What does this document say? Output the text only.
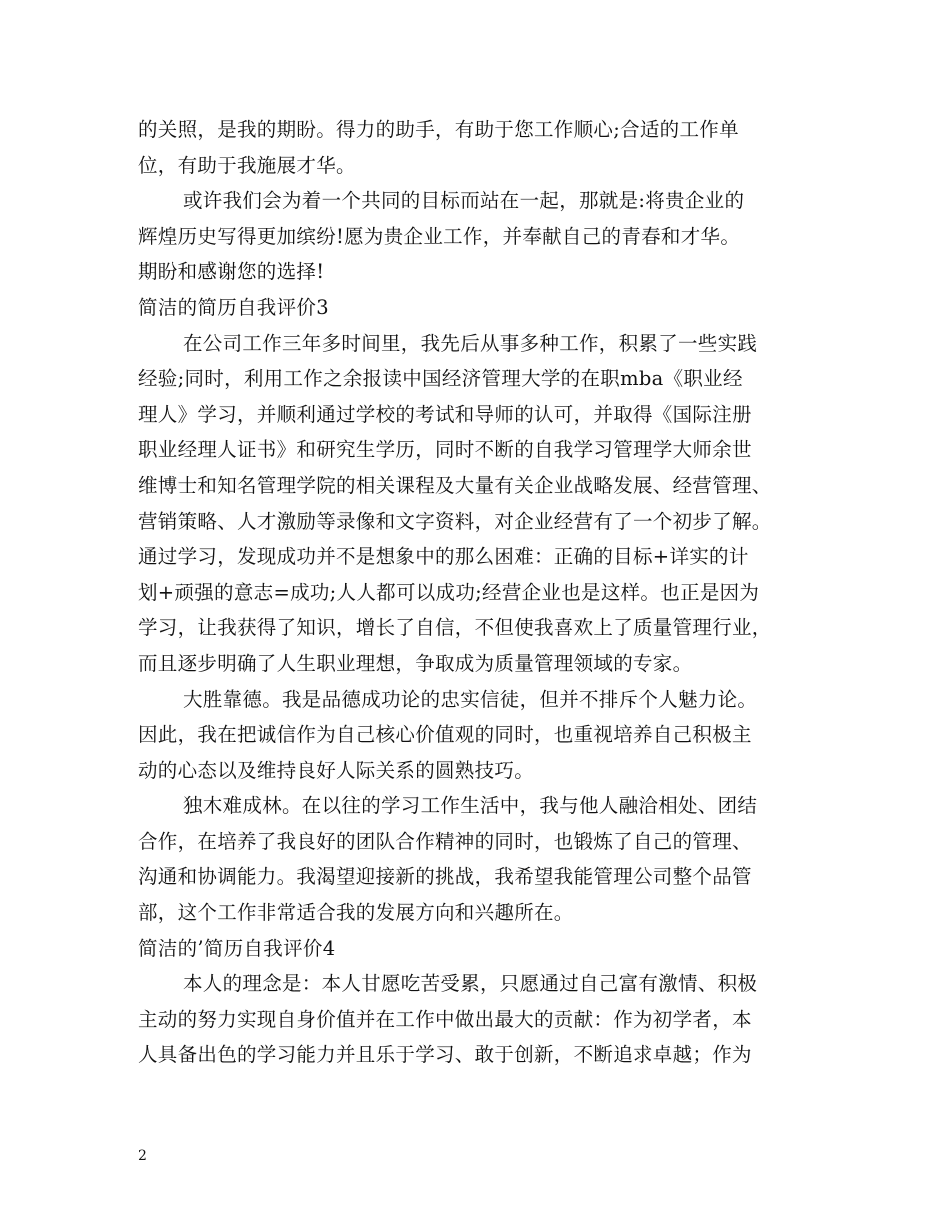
的关照，是我的期盼。得力的助手，有助于您工作顺心;合适的工作单
位，有助于我施展才华。
或许我们会为着一个共同的目标而站在一起，那就是:将贵企业的
辉煌历史写得更加缤纷!愿为贵企业工作，并奉献自己的青春和才华。
期盼和感谢您的选择!
简洁的简历自我评价3
在公司工作三年多时间里，我先后从事多种工作，积累了一些实践
经验;同时，利用工作之余报读中国经济管理大学的在职mba《职业经
理人》学习，并顺利通过学校的考试和导师的认可，并取得《国际注册
职业经理人证书》和研究生学历，同时不断的自我学习管理学大师余世
维博士和知名管理学院的相关课程及大量有关企业战略发展、经营管理、
营销策略、人才激励等录像和文字资料，对企业经营有了一个初步了解。
通过学习，发现成功并不是想象中的那么困难：正确的目标+详实的计
划+顽强的意志=成功;人人都可以成功;经营企业也是这样。也正是因为
学习，让我获得了知识，增长了自信，不但使我喜欢上了质量管理行业，
而且逐步明确了人生职业理想，争取成为质量管理领域的专家。
大胜靠德。我是品德成功论的忠实信徒，但并不排斥个人魅力论。
因此，我在把诚信作为自己核心价值观的同时，也重视培养自己积极主
动的心态以及维持良好人际关系的圆熟技巧。
独木难成林。在以往的学习工作生活中，我与他人融洽相处、团结
合作，在培养了我良好的团队合作精神的同时，也锻炼了自己的管理、
沟通和协调能力。我渴望迎接新的挑战，我希望我能管理公司整个品管
部，这个工作非常适合我的发展方向和兴趣所在。
简洁的’简历自我评价4
本人的理念是：本人甘愿吃苦受累，只愿通过自己富有激情、积极
主动的努力实现自身价值并在工作中做出最大的贡献：作为初学者，本
人具备出色的学习能力并且乐于学习、敢于创新，不断追求卓越；作为
2
